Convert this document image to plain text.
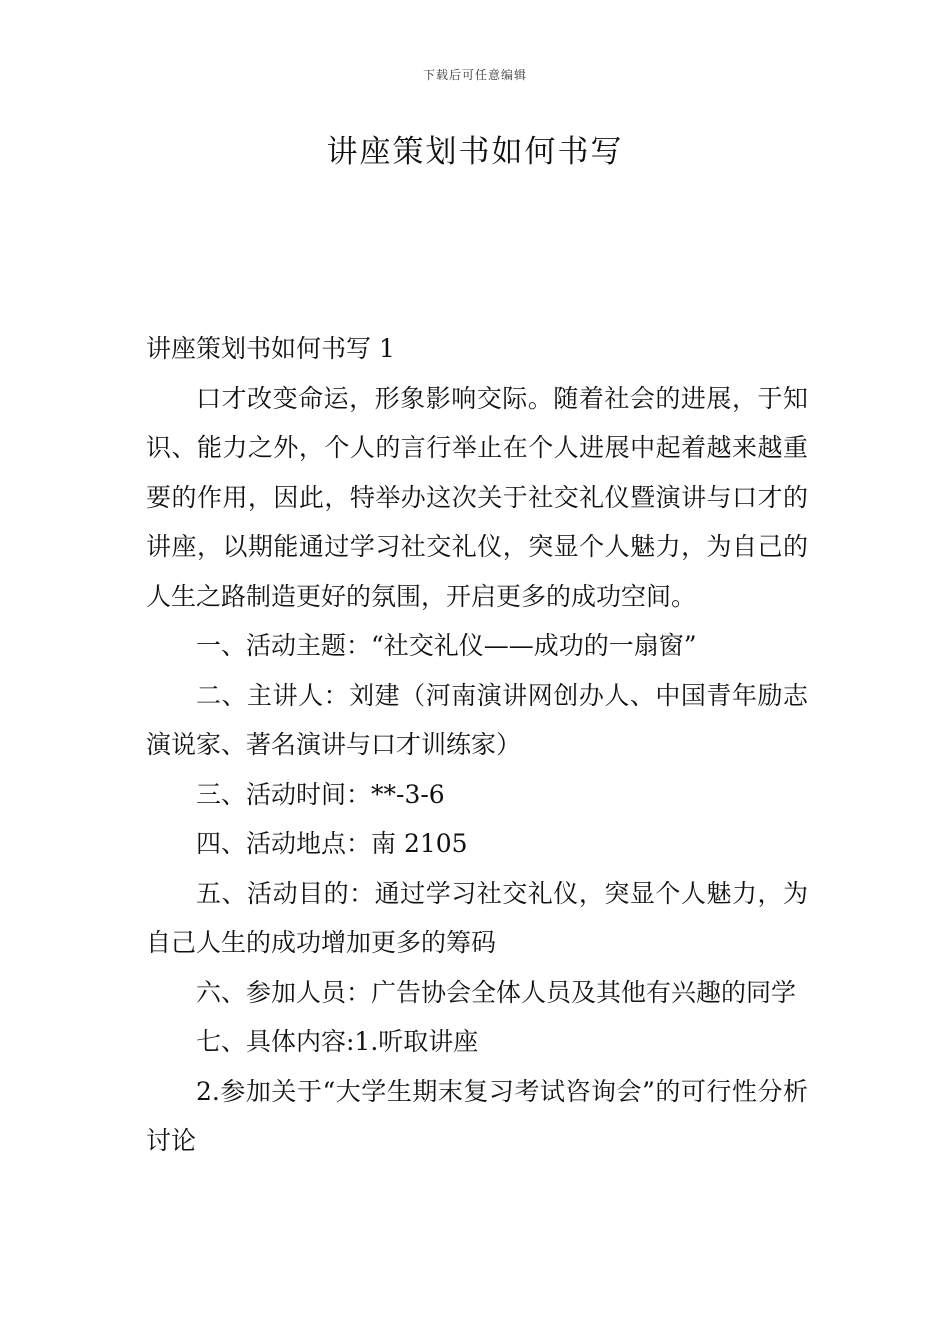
下载后可任意编辑
讲座策划书如何书写

讲座策划书如何书写 1

口才改变命运，形象影响交际。随着社会的进展，于知识、能力之外，个人的言行举止在个人进展中起着越来越重要的作用，因此，特举办这次关于社交礼仪暨演讲与口才的讲座，以期能通过学习社交礼仪，突显个人魅力，为自己的人生之路制造更好的氛围，开启更多的成功空间。

一、活动主题：“社交礼仪——成功的一扇窗”

二、主讲人：刘建（河南演讲网创办人、中国青年励志演说家、著名演讲与口才训练家）

三、活动时间：**-3-6

四、活动地点：南 2105

五、活动目的：通过学习社交礼仪，突显个人魅力，为自己人生的成功增加更多的筹码

六、参加人员：广告协会全体人员及其他有兴趣的同学

七、具体内容:1.听取讲座

2.参加关于“大学生期末复习考试咨询会”的可行性分析讨论
